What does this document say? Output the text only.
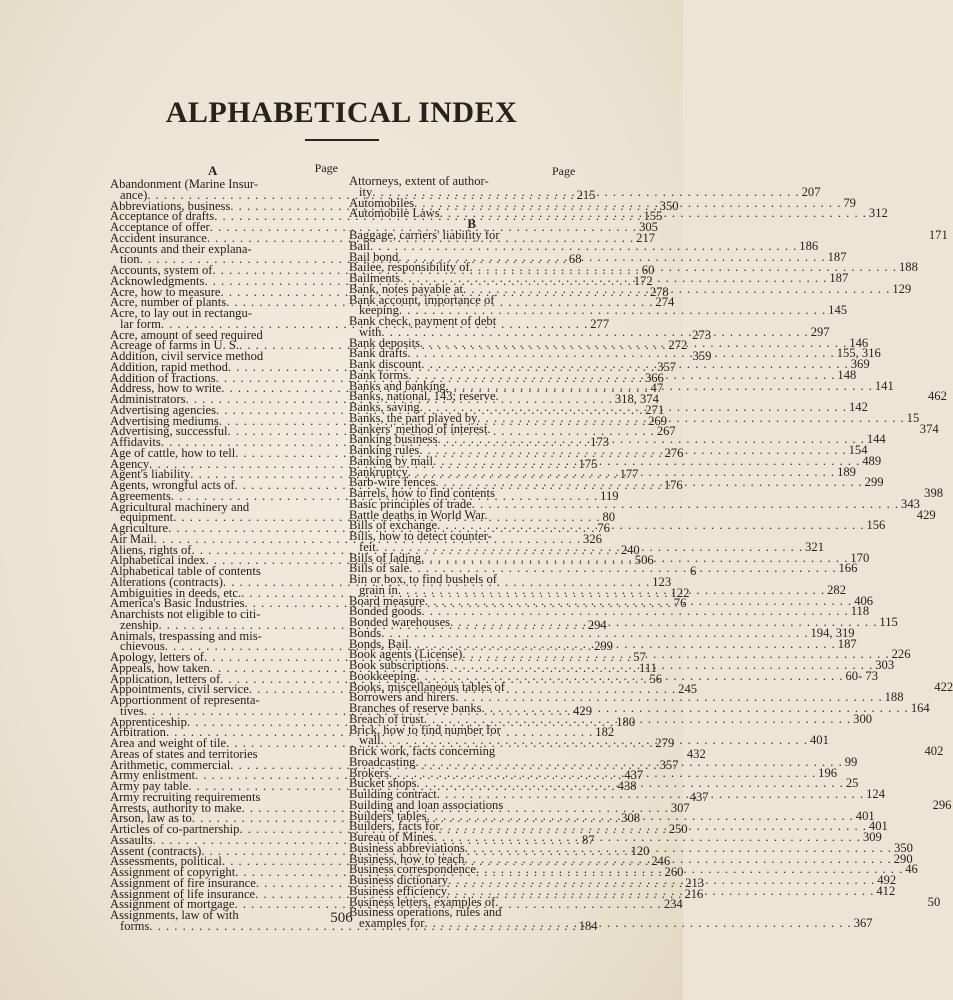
ALPHABETICAL INDEX
Page
A	Page
Abandonment (Marine Insur-
ance) . . .	215
Abbreviations, business . . .	350
Acceptance of drafts . . .	155
Acceptance of offer . . .	305
Accident insurance . . .	217
Accounts and their explana-
tion . . .	68
Accounts, system of . . .	60
Acknowledgments . . .	172
Acre, how to measure . . .	278
Acre, number of plants . . .	274
Acre, to lay out in rectangu-
lar form . . .	277
Acre, amount of seed required	273
Acreage of farms in U. S. . . .	272
Addition, civil service method	359
Addition, rapid method . . .	357
Addition of fractions . . .	366
Address, how to write . . .	47
Administrators . . .	318, 374
Advertising agencies . . .	271
Advertising mediums . . .	269
Advertising, successful . . .	267
Affidavits . . .	173
Age of cattle, how to tell . . .	276
Agency . . .	175
Agent's liability . . .	177
Agents, wrongful acts of . . .	176
Agreements . . .	119
Agricultural machinery and
equipment . . .	80
Agriculture . . .	76
Air Mail . . .	326
Aliens, rights of . . .	240
Alphabetical index . . .	506
Alphabetical table of contents	6
Alterations (contracts) . . .	123
Ambiguities in deeds, etc. . . .	122
America's Basic Industries . . .	76
Anarchists not eligible to citi-
zenship . . .	294
Animals, trespassing and mis-
chievous . . .	299
Apology, letters of . . .	57
Appeals, how taken . . .	111
Application, letters of . . .	56
Appointments, civil service . . .	245
Apportionment of representa-
tives . . .	429
Apprenticeship . . .	180
Arbitration . . .	182
Area and weight of tile . . .	279
Areas of states and territories	432
Arithmetic, commercial . . .	357
Army enlistment . . .	437
Army pay table . . .	438
Army recruiting requirements	437
Arrests, authority to make . . .	307
Arson, law as to . . .	308
Articles of co-partnership . . .	250
Assaults . . .	87
Assent (contracts) . . .	120
Assessments, political . . .	246
Assignment of copyright . . .	260
Assignment of fire insurance . . .	213
Assignment of life insurance . . .	216
Assignment of mortgage . . .	234
Assignments, law of with
forms . . .	184
Attorneys, extent of author-
ity . . .	207
Automobiles . . .	79
Automobile Laws . . .	312
B
Baggage, carriers' liability for	171
Bail . . .	186
Bail bond . . .	187
Bailee, responsibility of . . .	188
Bailments . . .	187
Bank, notes payable at . . .	129
Bank account, importance of
keeping . . .	145
Bank check, payment of debt
with . . .	297
Bank deposits . . .	146
Bank drafts . . .	155, 316
Bank discount . . .	369
Bank forms . . .	148
Banks and banking . . .	141
Banks, national, 143; reserve.	462
Banks, saving . . .	142
Banks, the part played by . . .	15
Bankers' method of interest.	374
Banking business . . .	144
Banking rules . . .	154
Banking by mail . . .	489
Bankruptcy . . .	189
Barb-wire fences . . .	299
Barrels, how to find contents	398
Basic principles of trade . . .	343
Battle deaths in World War.	429
Bills of exchange . . .	156
Bills, how to detect counter-
feit . . .	321
Bills of lading . . .	170
Bills of sale . . .	166
Bin or box, to find bushels of
grain in . . .	282
Board measure . . .	406
Bonded goods . . .	118
Bonded warehouses . . .	115
Bonds . . .	194, 319
Bonds, Bail . . .	187
Book agents (License) . . .	226
Book subscriptions . . .	303
Bookkeeping . . .	60- 73
Books, miscellaneous tables of	422
Borrowers and hirers . . .	188
Branches of reserve banks . . .	164
Breach of trust . . .	300
Brick, how to find number for
wall . . .	401
Brick work, facts concerning	402
Broadcasting . . .	99
Brokers . . .	196
Bucket shops . . .	25
Building contract . . .	124
Building and loan associations	296
Builders' tables . . .	401
Builders, facts for . . .	401
Bureau of Mines . . .	309
Business abbreviations . . .	350
Business, how to teach . . .	290
Business correspondence . . .	46
Business dictionary . . .	492
Business efficiency . . .	412
Business letters, examples of.	50
Business operations, rules and
examples for . . .	367
506
